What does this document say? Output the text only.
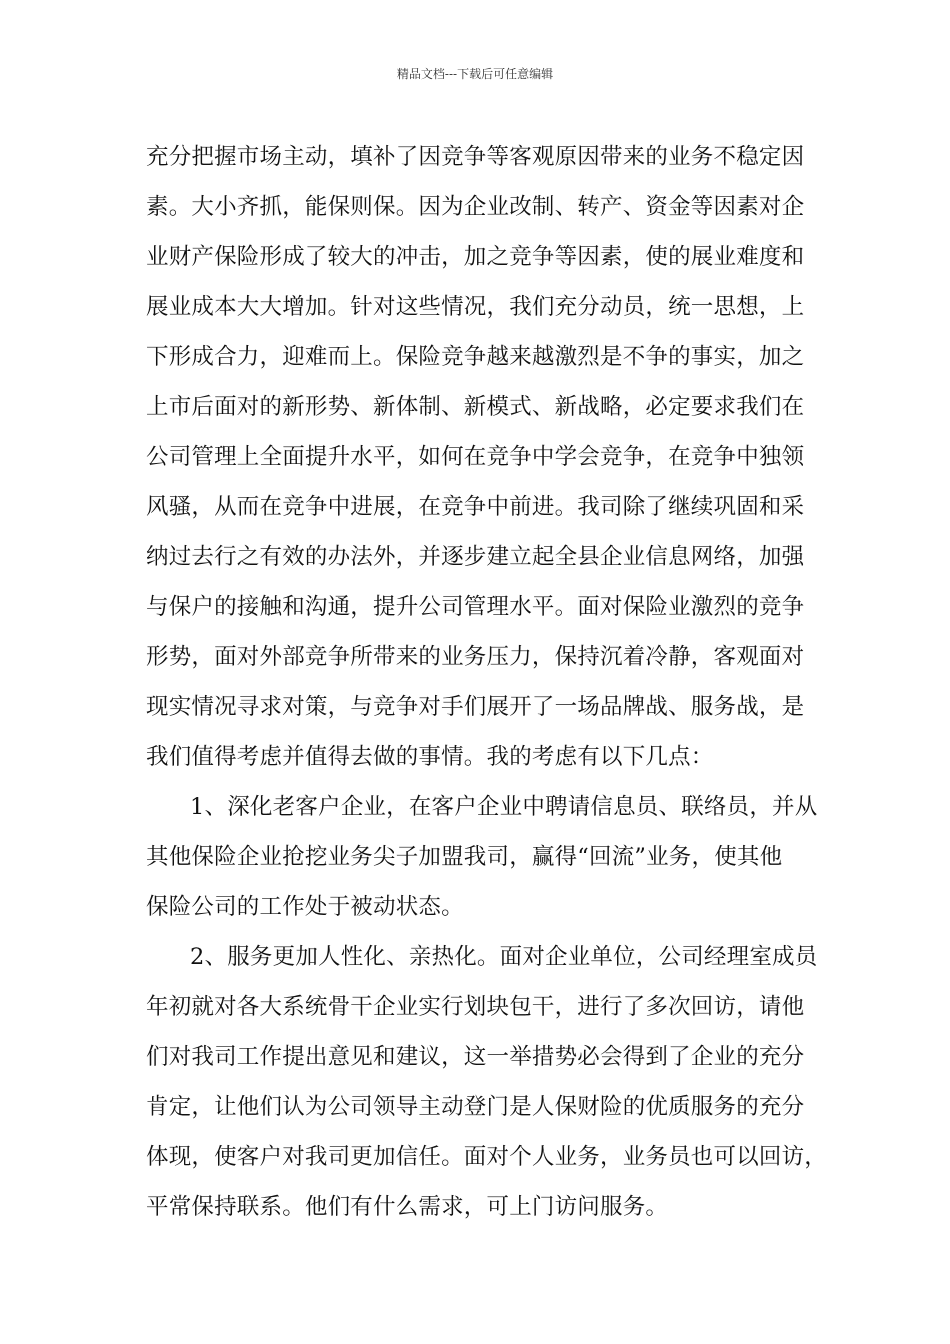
精品文档---下载后可任意编辑
充分把握市场主动，填补了因竞争等客观原因带来的业务不稳定因
素。大小齐抓，能保则保。因为企业改制、转产、资金等因素对企
业财产保险形成了较大的冲击，加之竞争等因素，使的展业难度和
展业成本大大增加。针对这些情况，我们充分动员，统一思想，上
下形成合力，迎难而上。保险竞争越来越激烈是不争的事实，加之
上市后面对的新形势、新体制、新模式、新战略，必定要求我们在
公司管理上全面提升水平，如何在竞争中学会竞争，在竞争中独领
风骚，从而在竞争中进展，在竞争中前进。我司除了继续巩固和采
纳过去行之有效的办法外，并逐步建立起全县企业信息网络，加强
与保户的接触和沟通，提升公司管理水平。面对保险业激烈的竞争
形势，面对外部竞争所带来的业务压力，保持沉着冷静，客观面对
现实情况寻求对策，与竞争对手们展开了一场品牌战、服务战，是
我们值得考虑并值得去做的事情。我的考虑有以下几点：
1、深化老客户企业，在客户企业中聘请信息员、联络员，并从
其他保险企业抢挖业务尖子加盟我司，赢得“回流”业务，使其他
保险公司的工作处于被动状态。
2、服务更加人性化、亲热化。面对企业单位，公司经理室成员
年初就对各大系统骨干企业实行划块包干，进行了多次回访，请他
们对我司工作提出意见和建议，这一举措势必会得到了企业的充分
肯定，让他们认为公司领导主动登门是人保财险的优质服务的充分
体现，使客户对我司更加信任。面对个人业务，业务员也可以回访，
平常保持联系。他们有什么需求，可上门访问服务。
